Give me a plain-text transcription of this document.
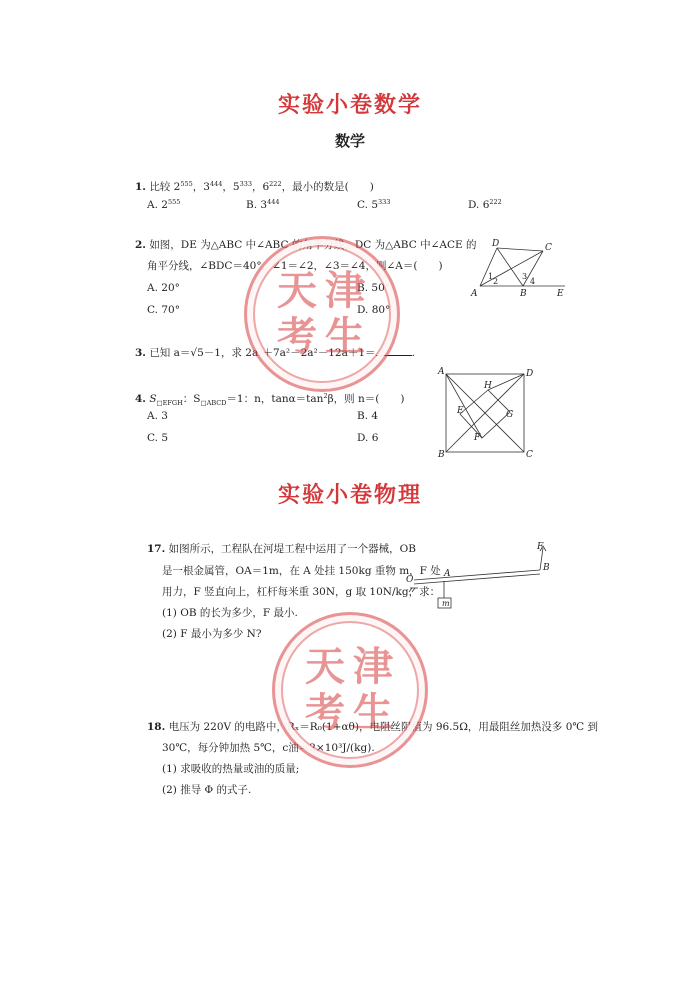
实验小卷数学
数学
1. 比较 $2^{555}$，$3^{444}$，$5^{333}$，$6^{222}$，最小的数是(　　)
A. $2^{555}$	B. $3^{444}$	C. $5^{333}$	D. $6^{222}$
2. 如图，DE 为△ABC 中∠ABC 的角平分线，DC 为△ABC 中∠ACE 的
角平分线，∠BDC＝40°，∠1＝∠2，∠3＝∠4，则∠A＝(　　)
A. 20°	B. 50°
C. 70°	D. 80°
D	C
1
2
3
4
A	B	E
3. 已知 a＝√5－1，求 2a³＋7a²－2a²－12a＋1＝	.
4. $S_{□EFGH}$：$S_{□ABCD}=1$：n，$\tan\alpha=\tan^2\beta$，则 n＝(　　)
A. 3	B. 4
C. 5	D. 6
A	D
H
E	G
F
B	C
实验小卷物理
17. 如图所示，工程队在河堤工程中运用了一个器械，OB
是一根金属管，OA＝1m，在 A 处挂 150kg 重物 m，F 处
用力，F 竖直向上，杠杆每米重 30N，g 取 10N/kg，求：
(1) OB 的长为多少，F 最小.
(2) F 最小为多少 N?
F
B
O
A
m
18. 电压为 220V 的电路中，Rₓ＝R₀(1+αθ)，电阻丝阻值为 96.5Ω，用最阻丝加热没多 0℃ 到
30℃，每分钟加热 5℃，c油＝2×10³J/(kg).
(1) 求吸收的热量或油的质量;
(2) 推导 Φ 的式子.
天 津
考 生
天 津
考 生
